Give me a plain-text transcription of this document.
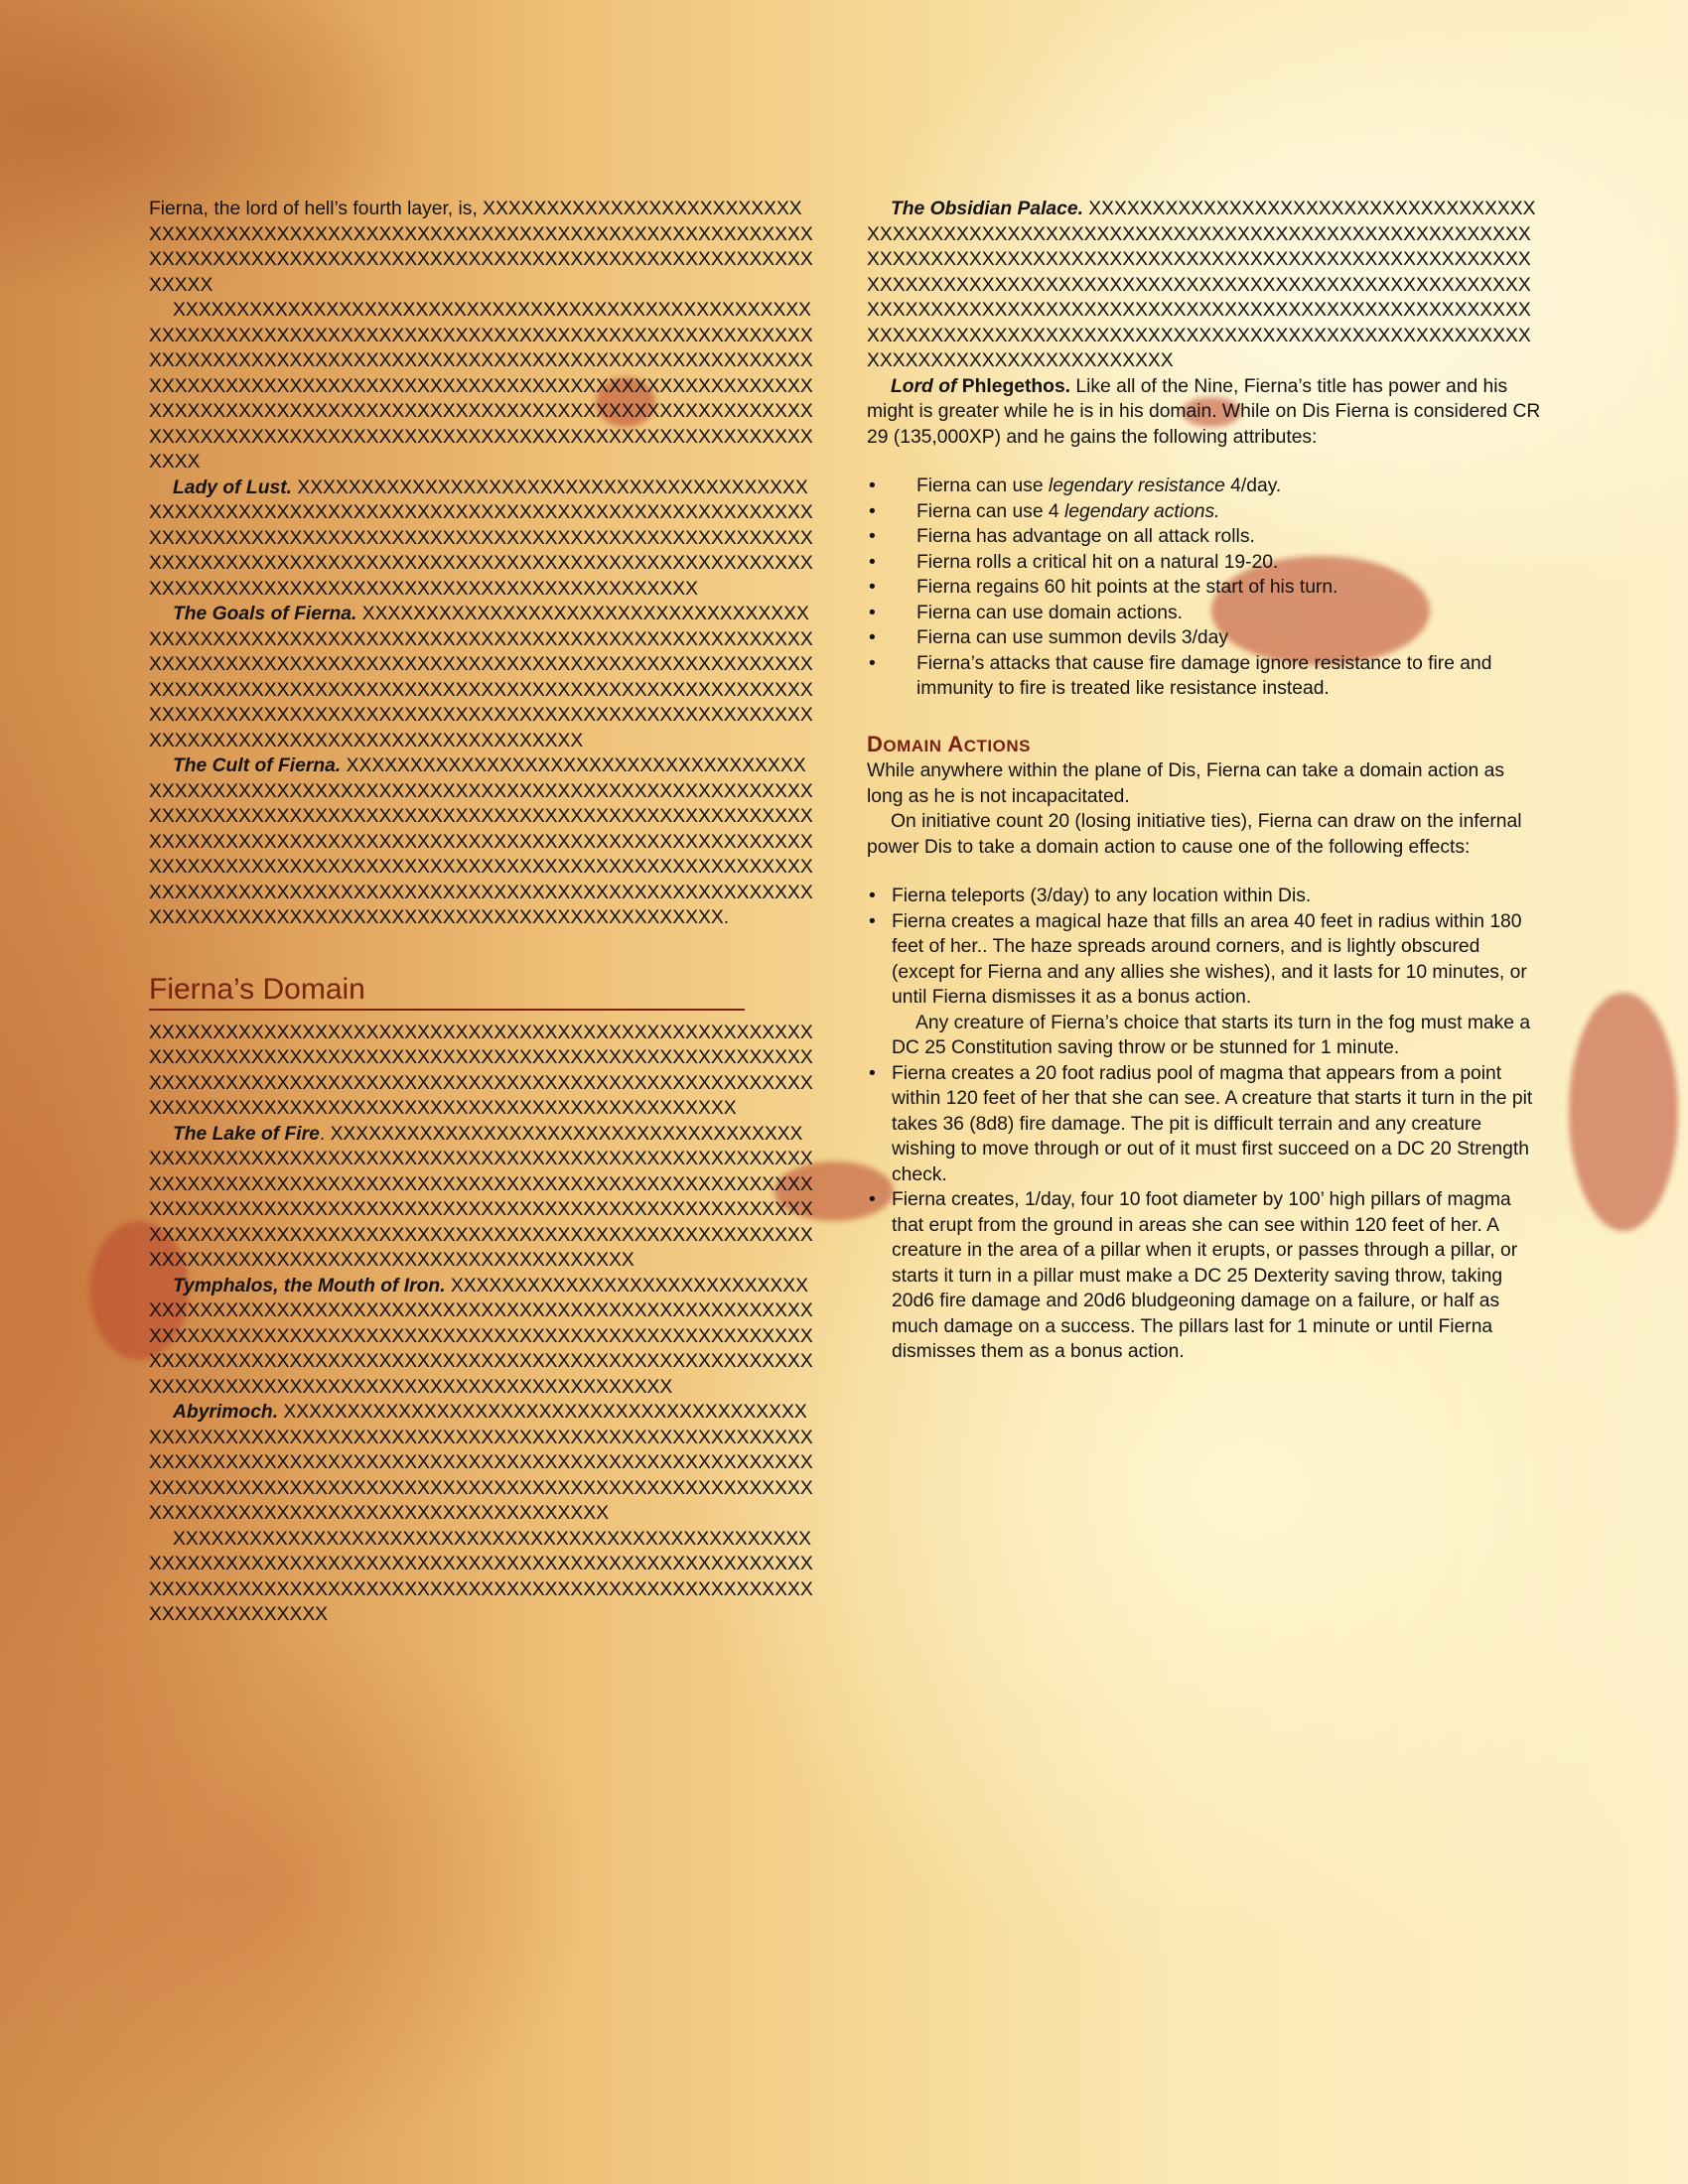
Fierna, the lord of hell’s fourth layer, is, XXXXXXXXXXXXXXXXXXXXXXXXXXXXXXXXXXXXXXXXXXXXXXXXXXXXXXXXXXXXXXXXXXXXXXXXXXXXXXXXXXXXXXXXXXXXXXXXXXXXXXXXXXXXXXXXXXXXXXXXXXXXXXXXXXXXXX

XXXXXXXXXXXXXXXXXXXXXXXXXXXXXXXXXXXXXXXXXXXXXXXXXXXXXXXXXXXXXXXXXXXXXXXXXXXXXXXXXXXXXXXXXXXXXXXXXXXXXXXXXXXXXXXXXXXXXXXXXXXXXXXXXXXXXXXXXXXXXXXXXXXXXXXXXXXXXXXXXXXXXXXXXXXXXXXXXXXXXXXXXXXXXXXXXXXXXXXXXXXXXXXXXXXXXXXXXXXXXXXXXXXXXXXXXXXXXXXXXXXXXXXXXXXXXXXXXXXXXXXXXXXXXXXXXXXXXXXXXXXXXXXXXXXXXXXXXXXXXXXXXXXXXXXXXX

Lady of Lust. XXXXXXXXXXXXXXXXXXXXXXXXXXXXXXXXXXXXXXXXXXXXXXXXXXXXXXXXXXXXXXXXXXXXXXXXXXXXXXXXXXXXXXXXXXXXXXXXXXXXXXXXXXXXXXXXXXXXXXXXXXXXXXXXXXXXXXXXXXXXXXXXXXXXXXXXXXXXXXXXXXXXXXXXXXXXXXXXXXXXXXXXXXXXXXXXXXXXXXXXXXXXXXXXXXXXXXXXXXXXXXXXXXXXXXXXXXXXXXX

The Goals of Fierna. XXXXXXXXXXXXXXXXXXXXXXXXXXXXXXXXXXXXXXXXXXXXXXXXXXXXXXXXXXXXXXXXXXXXXXXXXXXXXXXXXXXXXXXXXXXXXXXXXXXXXXXXXXXXXXXXXXXXXXXXXXXXXXXXXXXXXXXXXXXXXXXXXXXXXXXXXXXXXXXXXXXXXXXXXXXXXXXXXXXXXXXXXXXXXXXXXXXXXXXXXXXXXXXXXXXXXXXXXXXXXXXXXXXXXXXXXXXXXXXXXXXXXXXXXXXXXXXXXXXXXXXXXXXXXXXXXXXXX

The Cult of Fierna. XXXXXXXXXXXXXXXXXXXXXXXXXXXXXXXXXXXXXXXXXXXXXXXXXXXXXXXXXXXXXXXXXXXXXXXXXXXXXXXXXXXXXXXXXXXXXXXXXXXXXXXXXXXXXXXXXXXXXXXXXXXXXXXXXXXXXXXXXXXXXXXXXXXXXXXXXXXXXXXXXXXXXXXXXXXXXXXXXXXXXXXXXXXXXXXXXXXXXXXXXXXXXXXXXXXXXXXXXXXXXXXXXXXXXXXXXXXXXXXXXXXXXXXXXXXXXXXXXXXXXXXXXXXXXXXXXXXXXXXXXXXXXXXXXXXXXXXXXXXXXXXXXXXXXXXXXXXXXXXXXXXXXXXXXXXXXXXXXXXXX.

Fierna’s Domain

XXXXXXXXXXXXXXXXXXXXXXXXXXXXXXXXXXXXXXXXXXXXXXXXXXXXXXXXXXXXXXXXXXXXXXXXXXXXXXXXXXXXXXXXXXXXXXXXXXXXXXXXXXXXXXXXXXXXXXXXXXXXXXXXXXXXXXXXXXXXXXXXXXXXXXXXXXXXXXXXXXXXXXXXXXXXXXXXXXXXXXXXXXXXXXXXXXXXXXXXXX

The Lake of Fire. XXXXXXXXXXXXXXXXXXXXXXXXXXXXXXXXXXXXXXXXXXXXXXXXXXXXXXXXXXXXXXXXXXXXXXXXXXXXXXXXXXXXXXXXXXXXXXXXXXXXXXXXXXXXXXXXXXXXXXXXXXXXXXXXXXXXXXXXXXXXXXXXXXXXXXXXXXXXXXXXXXXXXXXXXXXXXXXXXXXXXXXXXXXXXXXXXXXXXXXXXXXXXXXXXXXXXXXXXXXXXXXXXXXXXXXXXXXXXXXXXXXXXXXXXXXXXXXXXXXXXXXXXXXXXXXXXXXXXXXXXXX

Tymphalos, the Mouth of Iron. XXXXXXXXXXXXXXXXXXXXXXXXXXXXXXXXXXXXXXXXXXXXXXXXXXXXXXXXXXXXXXXXXXXXXXXXXXXXXXXXXXXXXXXXXXXXXXXXXXXXXXXXXXXXXXXXXXXXXXXXXXXXXXXXXXXXXXXXXXXXXXXXXXXXXXXXXXXXXXXXXXXXXXXXXXXXXXXXXXXXXXXXXXXXXXXXXXXXXXXXXXXXXXXXXXXXXXXXXXXXXXXXX

Abyrimoch. XXXXXXXXXXXXXXXXXXXXXXXXXXXXXXXXXXXXXXXXXXXXXXXXXXXXXXXXXXXXXXXXXXXXXXXXXXXXXXXXXXXXXXXXXXXXXXXXXXXXXXXXXXXXXXXXXXXXXXXXXXXXXXXXXXXXXXXXXXXXXXXXXXXXXXXXXXXXXXXXXXXXXXXXXXXXXXXXXXXXXXXXXXXXXXXXXXXXXXXXXXXXXXXXXXXXXXXXXXXXXXXXXXXXXXXXX

XXXXXXXXXXXXXXXXXXXXXXXXXXXXXXXXXXXXXXXXXXXXXXXXXXXXXXXXXXXXXXXXXXXXXXXXXXXXXXXXXXXXXXXXXXXXXXXXXXXXXXXXXXXXXXXXXXXXXXXXXXXXXXXXXXXXXXXXXXXXXXXXXXXXXXXXXXXXXXXXXXXXXXXX

The Obsidian Palace. XXXXXXXXXXXXXXXXXXXXXXXXXXXXXXXXXXXXXXXXXXXXXXXXXXXXXXXXXXXXXXXXXXXXXXXXXXXXXXXXXXXXXXXXXXXXXXXXXXXXXXXXXXXXXXXXXXXXXXXXXXXXXXXXXXXXXXXXXXXXXXXXXXXXXXXXXXXXXXXXXXXXXXXXXXXXXXXXXXXXXXXXXXXXXXXXXXXXXXXXXXXXXXXXXXXXXXXXXXXXXXXXXXXXXXXXXXXXXXXXXXXXXXXXXXXXXXXXXXXXXXXXXXXXXXXXXXXXXXXXXXXXXXXXXXXXXXXXXXXXXXXXXXXXXXXXXXXXXXX

Lord of Phlegethos. Like all of the Nine, Fierna’s title has power and his might is greater while he is in his domain. While on Dis Fierna is considered CR 29 (135,000XP) and he gains the following attributes:

• Fierna can use legendary resistance 4/day.
• Fierna can use 4 legendary actions.
• Fierna has advantage on all attack rolls.
• Fierna rolls a critical hit on a natural 19-20.
• Fierna regains 60 hit points at the start of his turn.
• Fierna can use domain actions.
• Fierna can use summon devils 3/day
• Fierna’s attacks that cause fire damage ignore resistance to fire and immunity to fire is treated like resistance instead.
DOMAIN ACTIONS

While anywhere within the plane of Dis, Fierna can take a domain action as long as he is not incapacitated.

On initiative count 20 (losing initiative ties), Fierna can draw on the infernal power Dis to take a domain action to cause one of the following effects:

• Fierna teleports (3/day) to any location within Dis.
• Fierna creates a magical haze that fills an area 40 feet in radius within 180 feet of her.. The haze spreads around corners, and is lightly obscured (except for Fierna and any allies she wishes), and it lasts for 10 minutes, or until Fierna dismisses it as a bonus action.

Any creature of Fierna’s choice that starts its turn in the fog must make a DC 25 Constitution saving throw or be stunned for 1 minute.

• Fierna creates a 20 foot radius pool of magma that appears from a point within 120 feet of her that she can see. A creature that starts it turn in the pit takes 36 (8d8) fire damage. The pit is difficult terrain and any creature wishing to move through or out of it must first succeed on a DC 20 Strength check.
• Fierna creates, 1/day, four 10 foot diameter by 100’ high pillars of magma that erupt from the ground in areas she can see within 120 feet of her. A creature in the area of a pillar when it erupts, or passes through a pillar, or starts it turn in a pillar must make a DC 25 Dexterity saving throw, taking 20d6 fire damage and 20d6 bludgeoning damage on a failure, or half as much damage on a success. The pillars last for 1 minute or until Fierna dismisses them as a bonus action.
